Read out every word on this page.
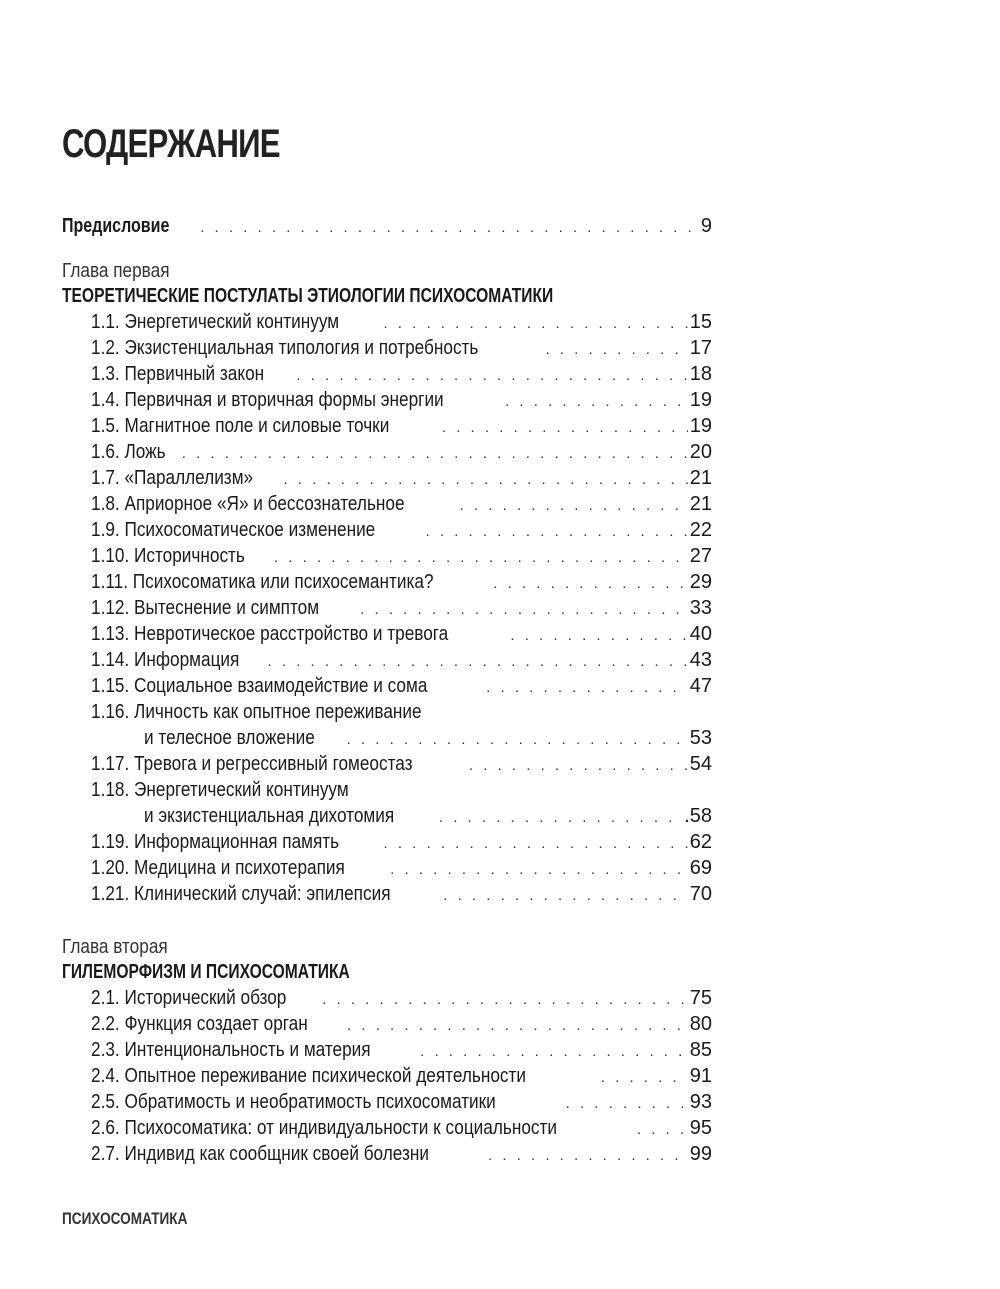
СОДЕРЖАНИЕ
Предисловие . . .	9
Глава первая
ТЕОРЕТИЧЕСКИЕ ПОСТУЛАТЫ ЭТИОЛОГИИ ПСИХОСОМАТИКИ
1.1. Энергетический континуум . . .	15
1.2. Экзистенциальная типология и потребность . . .	17
1.3. Первичный закон . . .	18
1.4. Первичная и вторичная формы энергии . . .	19
1.5. Магнитное поле и силовые точки . . .	19
1.6. Ложь . . .	20
1.7. «Параллелизм» . . .	21
1.8. Априорное «Я» и бессознательное . . .	21
1.9. Психосоматическое изменение . . .	22
1.10. Историчность . . .	27
1.11. Психосоматика или психосемантика? . . .	29
1.12. Вытеснение и симптом . . .	33
1.13. Невротическое расстройство и тревога . . .	40
1.14. Информация . . .	43
1.15. Социальное взаимодействие и сома . . .	47
1.16. Личность как опытное переживание
и телесное вложение . . .	53
1.17. Тревога и регрессивный гомеостаз . . .	54
1.18. Энергетический континуум
и экзистенциальная дихотомия . . .	.58
1.19. Информационная память . . .	62
1.20. Медицина и психотерапия . . .	69
1.21. Клинический случай: эпилепсия . . .	70
Глава вторая
ГИЛЕМОРФИЗМ И ПСИХОСОМАТИКА
2.1. Исторический обзор . . .	75
2.2. Функция создает орган . . .	80
2.3. Интенциональность и материя . . .	85
2.4. Опытное переживание психической деятельности . . .	91
2.5. Обратимость и необратимость психосоматики . . .	93
2.6. Психосоматика: от индивидуальности к социальности . . .	95
2.7. Индивид как сообщник своей болезни . . .	99
ПСИХОСОМАТИКА
